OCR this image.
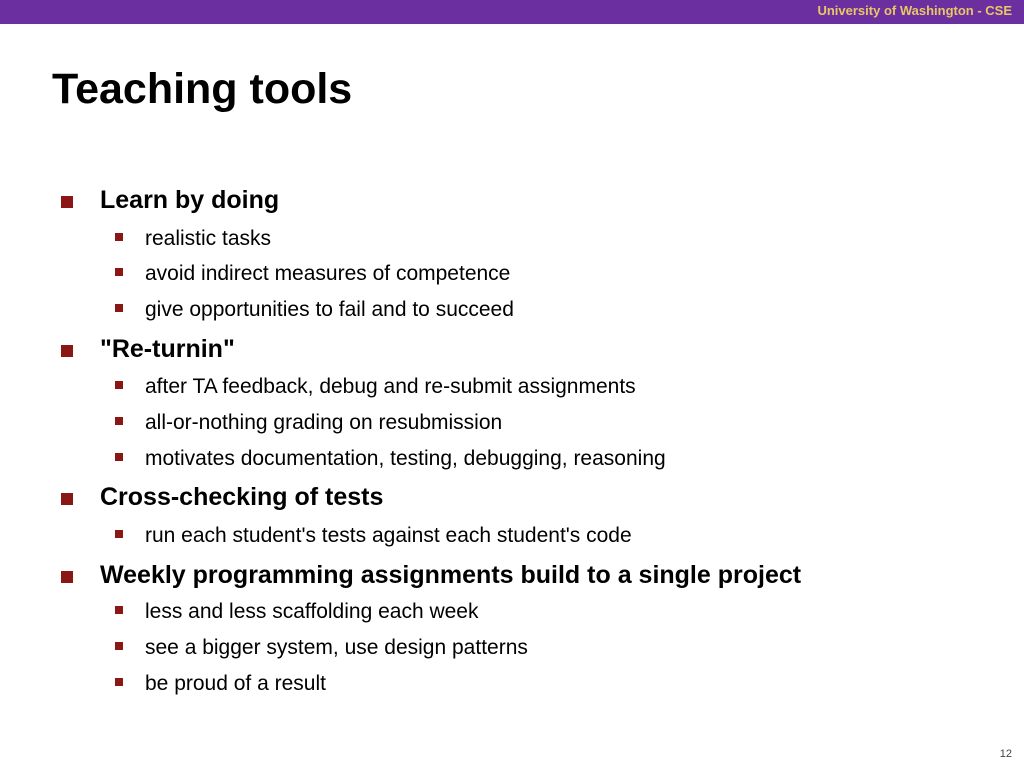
University of Washington - CSE
Teaching tools
Learn by doing
realistic tasks
avoid indirect measures of competence
give opportunities to fail and to succeed
"Re-turnin"
after TA feedback, debug and re-submit assignments
all-or-nothing grading on resubmission
motivates documentation, testing, debugging, reasoning
Cross-checking of tests
run each student's tests against each student's code
Weekly programming assignments build to a single project
less and less scaffolding each week
see a bigger system, use design patterns
be proud of a result
12
